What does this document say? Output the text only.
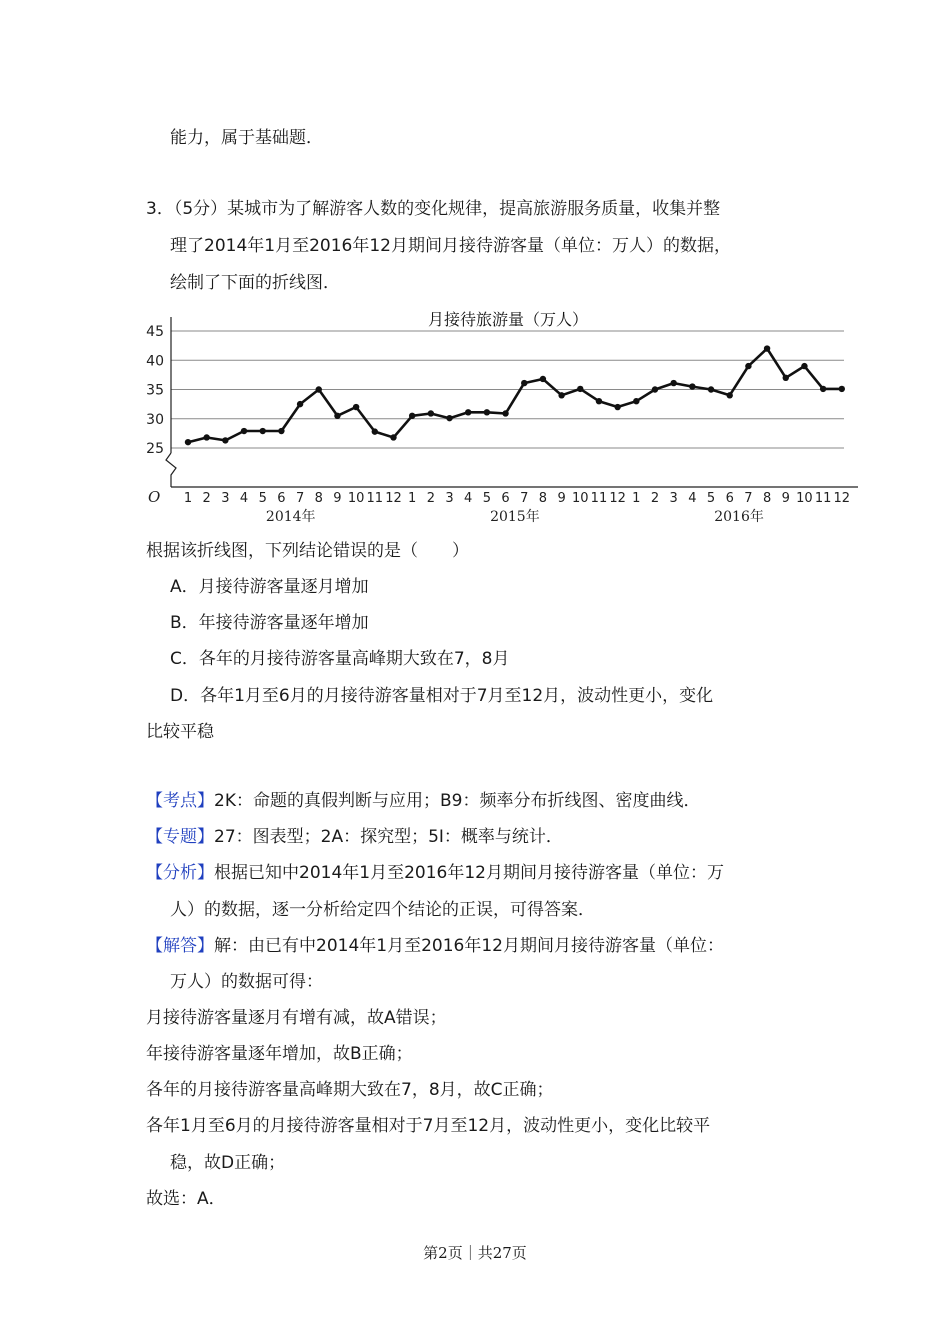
能力，属于基础题．
3．（5分）某城市为了解游客人数的变化规律，提高旅游服务质量，收集并整
理了2014年1月至2016年12月期间月接待游客量（单位：万人）的数据，
绘制了下面的折线图．
月接待旅游量（万人）
25
30
35
40
45
O 1 2 3 4 5 6 7 8 9 10 11 12 1 2 3 4 5 6 7 8 9 10 11 12 1 2 3 4 5 6 7 8 9 10 11 12
2014年	2015年	2016年
根据该折线图，下列结论错误的是（　　）
A．月接待游客量逐月增加
B．年接待游客量逐年增加
C．各年的月接待游客量高峰期大致在7，8月
D．各年1月至6月的月接待游客量相对于7月至12月，波动性更小，变化
比较平稳
【考点】2K：命题的真假判断与应用；B9：频率分布折线图、密度曲线．
【专题】27：图表型；2A：探究型；5I：概率与统计．
【分析】根据已知中2014年1月至2016年12月期间月接待游客量（单位：万
人）的数据，逐一分析给定四个结论的正误，可得答案．
【解答】解：由已有中2014年1月至2016年12月期间月接待游客量（单位：
万人）的数据可得：
月接待游客量逐月有增有减，故A错误；
年接待游客量逐年增加，故B正确；
各年的月接待游客量高峰期大致在7，8月，故C正确；
各年1月至6月的月接待游客量相对于7月至12月，波动性更小，变化比较平
稳，故D正确；
故选：A．
第2页｜共27页
